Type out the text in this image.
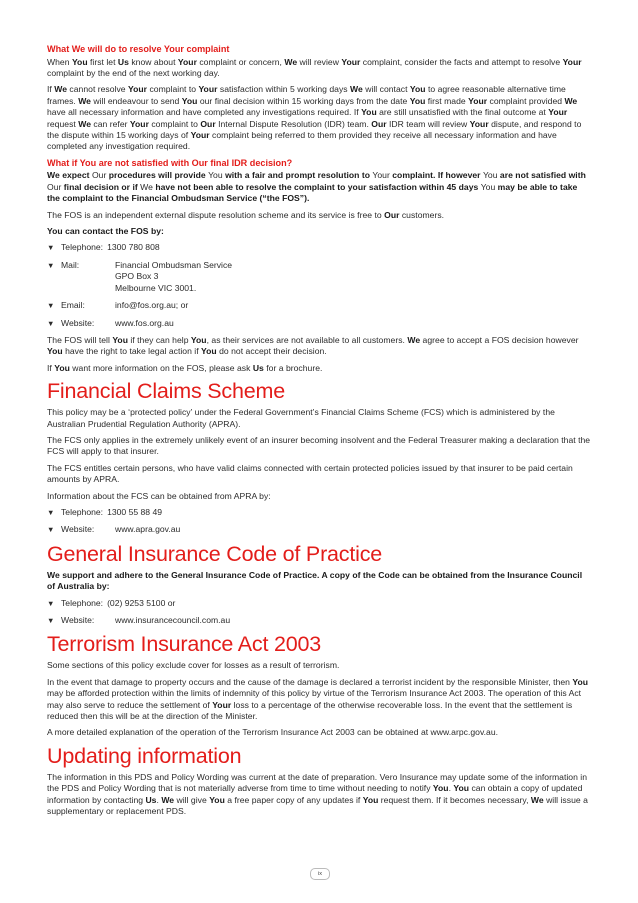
What We will do to resolve Your complaint

When You first let Us know about Your complaint or concern, We will review Your complaint, consider the facts and attempt to resolve Your complaint by the end of the next working day.

If We cannot resolve Your complaint to Your satisfaction within 5 working days We will contact You to agree reasonable alternative time frames. We will endeavour to send You our final decision within 15 working days from the date You first made Your complaint provided We have all necessary information and have completed any investigations required. If You are still unsatisfied with the final outcome at Your request We can refer Your complaint to Our Internal Dispute Resolution (IDR) team. Our IDR team will review Your dispute, and respond to the dispute within 15 working days of Your complaint being referred to them provided they receive all necessary information and have completed any investigation required.

What if You are not satisfied with Our final IDR decision?

We expect Our procedures will provide You with a fair and prompt resolution to Your complaint. If however You are not satisfied with Our final decision or if We have not been able to resolve the complaint to your satisfaction within 45 days You may be able to take the complaint to the Financial Ombudsman Service (“the FOS”).

The FOS is an independent external dispute resolution scheme and its service is free to Our customers.

You can contact the FOS by:

▼ Telephone: 1300 780 808
▼ Mail:	Financial Ombudsman Service
GPO Box 3
Melbourne VIC 3001.
▼ Email:	info@fos.org.au; or
▼ Website:	www.fos.org.au

The FOS will tell You if they can help You, as their services are not available to all customers. We agree to accept a FOS decision however You have the right to take legal action if You do not accept their decision.

If You want more information on the FOS, please ask Us for a brochure.

Financial Claims Scheme

This policy may be a ‘protected policy’ under the Federal Government’s Financial Claims Scheme (FCS) which is administered by the Australian Prudential Regulation Authority (APRA).

The FCS only applies in the extremely unlikely event of an insurer becoming insolvent and the Federal Treasurer making a declaration that the FCS will apply to that insurer.

The FCS entitles certain persons, who have valid claims connected with certain protected policies issued by that insurer to be paid certain amounts by APRA.

Information about the FCS can be obtained from APRA by:

▼ Telephone: 1300 55 88 49
▼ Website:	www.apra.gov.au
General Insurance Code of Practice

We support and adhere to the General Insurance Code of Practice. A copy of the Code can be obtained from the Insurance Council of Australia by:

▼ Telephone: (02) 9253 5100 or
▼ Website:	www.insurancecouncil.com.au
Terrorism Insurance Act 2003

Some sections of this policy exclude cover for losses as a result of terrorism.

In the event that damage to property occurs and the cause of the damage is declared a terrorist incident by the responsible Minister, then You may be afforded protection within the limits of indemnity of this policy by virtue of the Terrorism Insurance Act 2003. The operation of this Act may also serve to reduce the settlement of Your loss to a percentage of the otherwise recoverable loss. In the event that the settlement is reduced then this will be at the direction of the Minister.

A more detailed explanation of the operation of the Terrorism Insurance Act 2003 can be obtained at www.arpc.gov.au.

Updating information

The information in this PDS and Policy Wording was current at the date of preparation. Vero Insurance may update some of the information in the PDS and Policy Wording that is not materially adverse from time to time without needing to notify You. You can obtain a copy of updated information by contacting Us. We will give You a free paper copy of any updates if You request them. If it becomes necessary, We will issue a supplementary or replacement PDS.

ix
